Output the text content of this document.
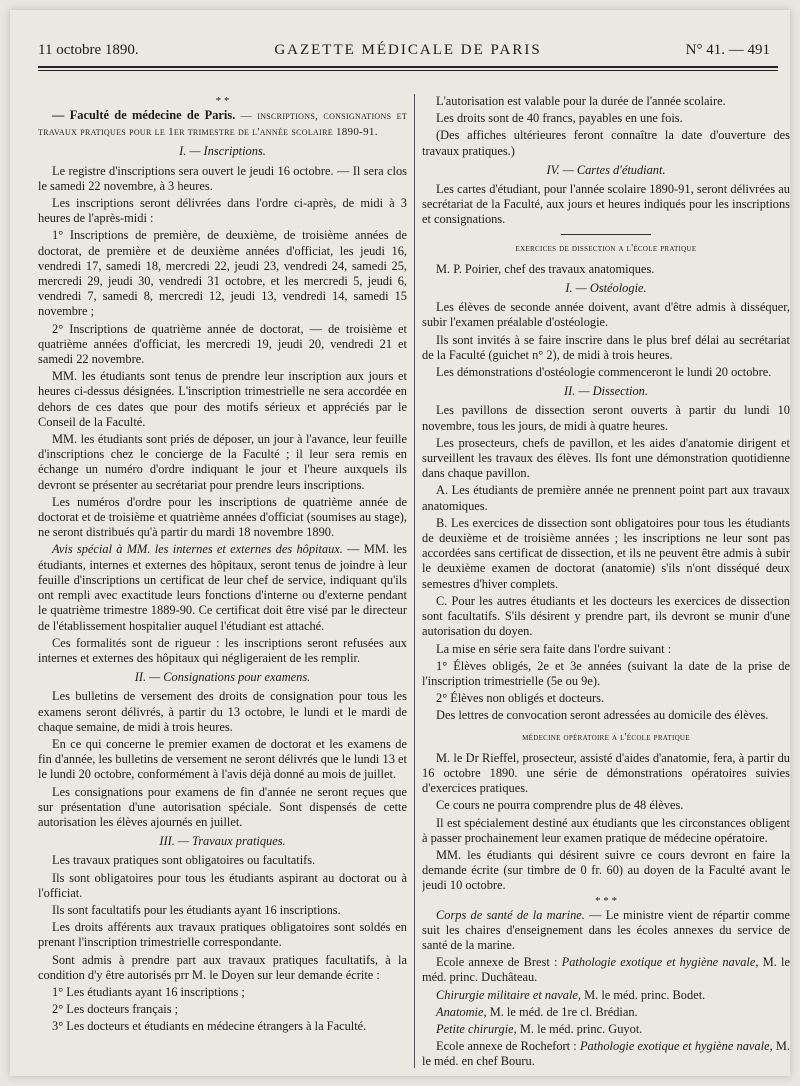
11 octobre 1890.	GAZETTE MÉDICALE DE PARIS	N° 41. — 491

* *

— Faculté de médecine de Paris. — inscriptions, consignations et travaux pratiques pour le 1er trimestre de l'année scolaire 1890-91.

I. — Inscriptions.

Le registre d'inscriptions sera ouvert le jeudi 16 octobre. — Il sera clos le samedi 22 novembre, à 3 heures.

Les inscriptions seront délivrées dans l'ordre ci-après, de midi à 3 heures de l'après-midi :

1° Inscriptions de première, de deuxième, de troisième années de doctorat, de première et de deuxième années d'officiat, les jeudi 16, vendredi 17, samedi 18, mercredi 22, jeudi 23, vendredi 24, samedi 25, mercredi 29, jeudi 30, vendredi 31 octobre, et les mercredi 5, jeudi 6, vendredi 7, samedi 8, mercredi 12, jeudi 13, vendredi 14, samedi 15 novembre ;

2° Inscriptions de quatrième année de doctorat, — de troisième et quatrième années d'officiat, les mercredi 19, jeudi 20, vendredi 21 et samedi 22 novembre.

MM. les étudiants sont tenus de prendre leur inscription aux jours et heures ci-dessus désignées. L'inscription trimestrielle ne sera accordée en dehors de ces dates que pour des motifs sérieux et appréciés par le Conseil de la Faculté.

MM. les étudiants sont priés de déposer, un jour à l'avance, leur feuille d'inscriptions chez le concierge de la Faculté ; il leur sera remis en échange un numéro d'ordre indiquant le jour et l'heure auxquels ils devront se présenter au secrétariat pour prendre leurs inscriptions.

Les numéros d'ordre pour les inscriptions de quatrième année de doctorat et de troisième et quatrième années d'officiat (soumises au stage), ne seront distribués qu'à partir du mardi 18 novembre 1890.

Avis spécial à MM. les internes et externes des hôpitaux. — MM. les étudiants, internes et externes des hôpitaux, seront tenus de joindre à leur feuille d'inscriptions un certificat de leur chef de service, indiquant qu'ils ont rempli avec exactitude leurs fonctions d'interne ou d'externe pendant le quatrième trimestre 1889-90. Ce certificat doit être visé par le directeur de l'établissement hospitalier auquel l'étudiant est attaché.

Ces formalités sont de rigueur : les inscriptions seront refusées aux internes et externes des hôpitaux qui négligeraient de les remplir.

II. — Consignations pour examens.

Les bulletins de versement des droits de consignation pour tous les examens seront délivrés, à partir du 13 octobre, le lundi et le mardi de chaque semaine, de midi à trois heures.

En ce qui concerne le premier examen de doctorat et les examens de fin d'année, les bulletins de versement ne seront délivrés que le lundi 13 et le lundi 20 octobre, conformément à l'avis déjà donné au mois de juillet.

Les consignations pour examens de fin d'année ne seront reçues que sur présentation d'une autorisation spéciale. Sont dispensés de cette autorisation les élèves ajournés en juillet.

III. — Travaux pratiques.

Les travaux pratiques sont obligatoires ou facultatifs.

Ils sont obligatoires pour tous les étudiants aspirant au doctorat ou à l'officiat.

Ils sont facultatifs pour les étudiants ayant 16 inscriptions.

Les droits afférents aux travaux pratiques obligatoires sont soldés en prenant l'inscription trimestrielle correspondante.

Sont admis à prendre part aux travaux pratiques facultatifs, à la condition d'y être autorisés prr M. le Doyen sur leur demande écrite :

1° Les étudiants ayant 16 inscriptions ;

2° Les docteurs français ;

3° Les docteurs et étudiants en médecine étrangers à la Faculté.

L'autorisation est valable pour la durée de l'année scolaire.

Les droits sont de 40 francs, payables en une fois.

(Des affiches ultérieures feront connaître la date d'ouverture des travaux pratiques.)

IV. — Cartes d'étudiant.

Les cartes d'étudiant, pour l'année scolaire 1890-91, seront délivrées au secrétariat de la Faculté, aux jours et heures indiqués pour les inscriptions et consignations.

exercices de dissection a l'école pratique

M. P. Poirier, chef des travaux anatomiques.

I. — Ostéologie.

Les élèves de seconde année doivent, avant d'être admis à disséquer, subir l'examen préalable d'ostéologie.

Ils sont invités à se faire inscrire dans le plus bref délai au secrétariat de la Faculté (guichet n° 2), de midi à trois heures.

Les démonstrations d'ostéologie commenceront le lundi 20 octobre.

II. — Dissection.

Les pavillons de dissection seront ouverts à partir du lundi 10 novembre, tous les jours, de midi à quatre heures.

Les prosecteurs, chefs de pavillon, et les aides d'anatomie dirigent et surveillent les travaux des élèves. Ils font une démonstration quotidienne dans chaque pavillon.

A. Les étudiants de première année ne prennent point part aux travaux anatomiques.

B. Les exercices de dissection sont obligatoires pour tous les étudiants de deuxième et de troisième années ; les inscriptions ne leur sont pas accordées sans certificat de dissection, et ils ne peuvent être admis à subir le deuxième examen de doctorat (anatomie) s'ils n'ont disséqué deux semestres d'hiver complets.

C. Pour les autres étudiants et les docteurs les exercices de dissection sont facultatifs. S'ils désirent y prendre part, ils devront se munir d'une autorisation du doyen.

La mise en série sera faite dans l'ordre suivant :

1° Élèves obligés, 2e et 3e années (suivant la date de la prise de l'inscription trimestrielle (5e ou 9e).

2° Élèves non obligés et docteurs.

Des lettres de convocation seront adressées au domicile des élèves.

médecine opératoire a l'école pratique

M. le Dr Rieffel, prosecteur, assisté d'aides d'anatomie, fera, à partir du 16 octobre 1890. une série de démonstrations opératoires suivies d'exercices pratiques.

Ce cours ne pourra comprendre plus de 48 élèves.

Il est spécialement destiné aux étudiants que les circonstances obligent à passer prochainement leur examen pratique de médecine opératoire.

MM. les étudiants qui désirent suivre ce cours devront en faire la demande écrite (sur timbre de 0 fr. 60) au doyen de la Faculté avant le jeudi 10 octobre.

* * *

Corps de santé de la marine. — Le ministre vient de répartir comme suit les chaires d'enseignement dans les écoles annexes du service de santé de la marine.

Ecole annexe de Brest : Pathologie exotique et hygiène navale, M. le méd. princ. Duchâteau.

Chirurgie militaire et navale, M. le méd. princ. Bodet.

Anatomie, M. le méd. de 1re cl. Brédian.

Petite chirurgie, M. le méd. princ. Guyot.

Ecole annexe de Rochefort : Pathologie exotique et hygiène navale, M. le méd. en chef Bouru.
